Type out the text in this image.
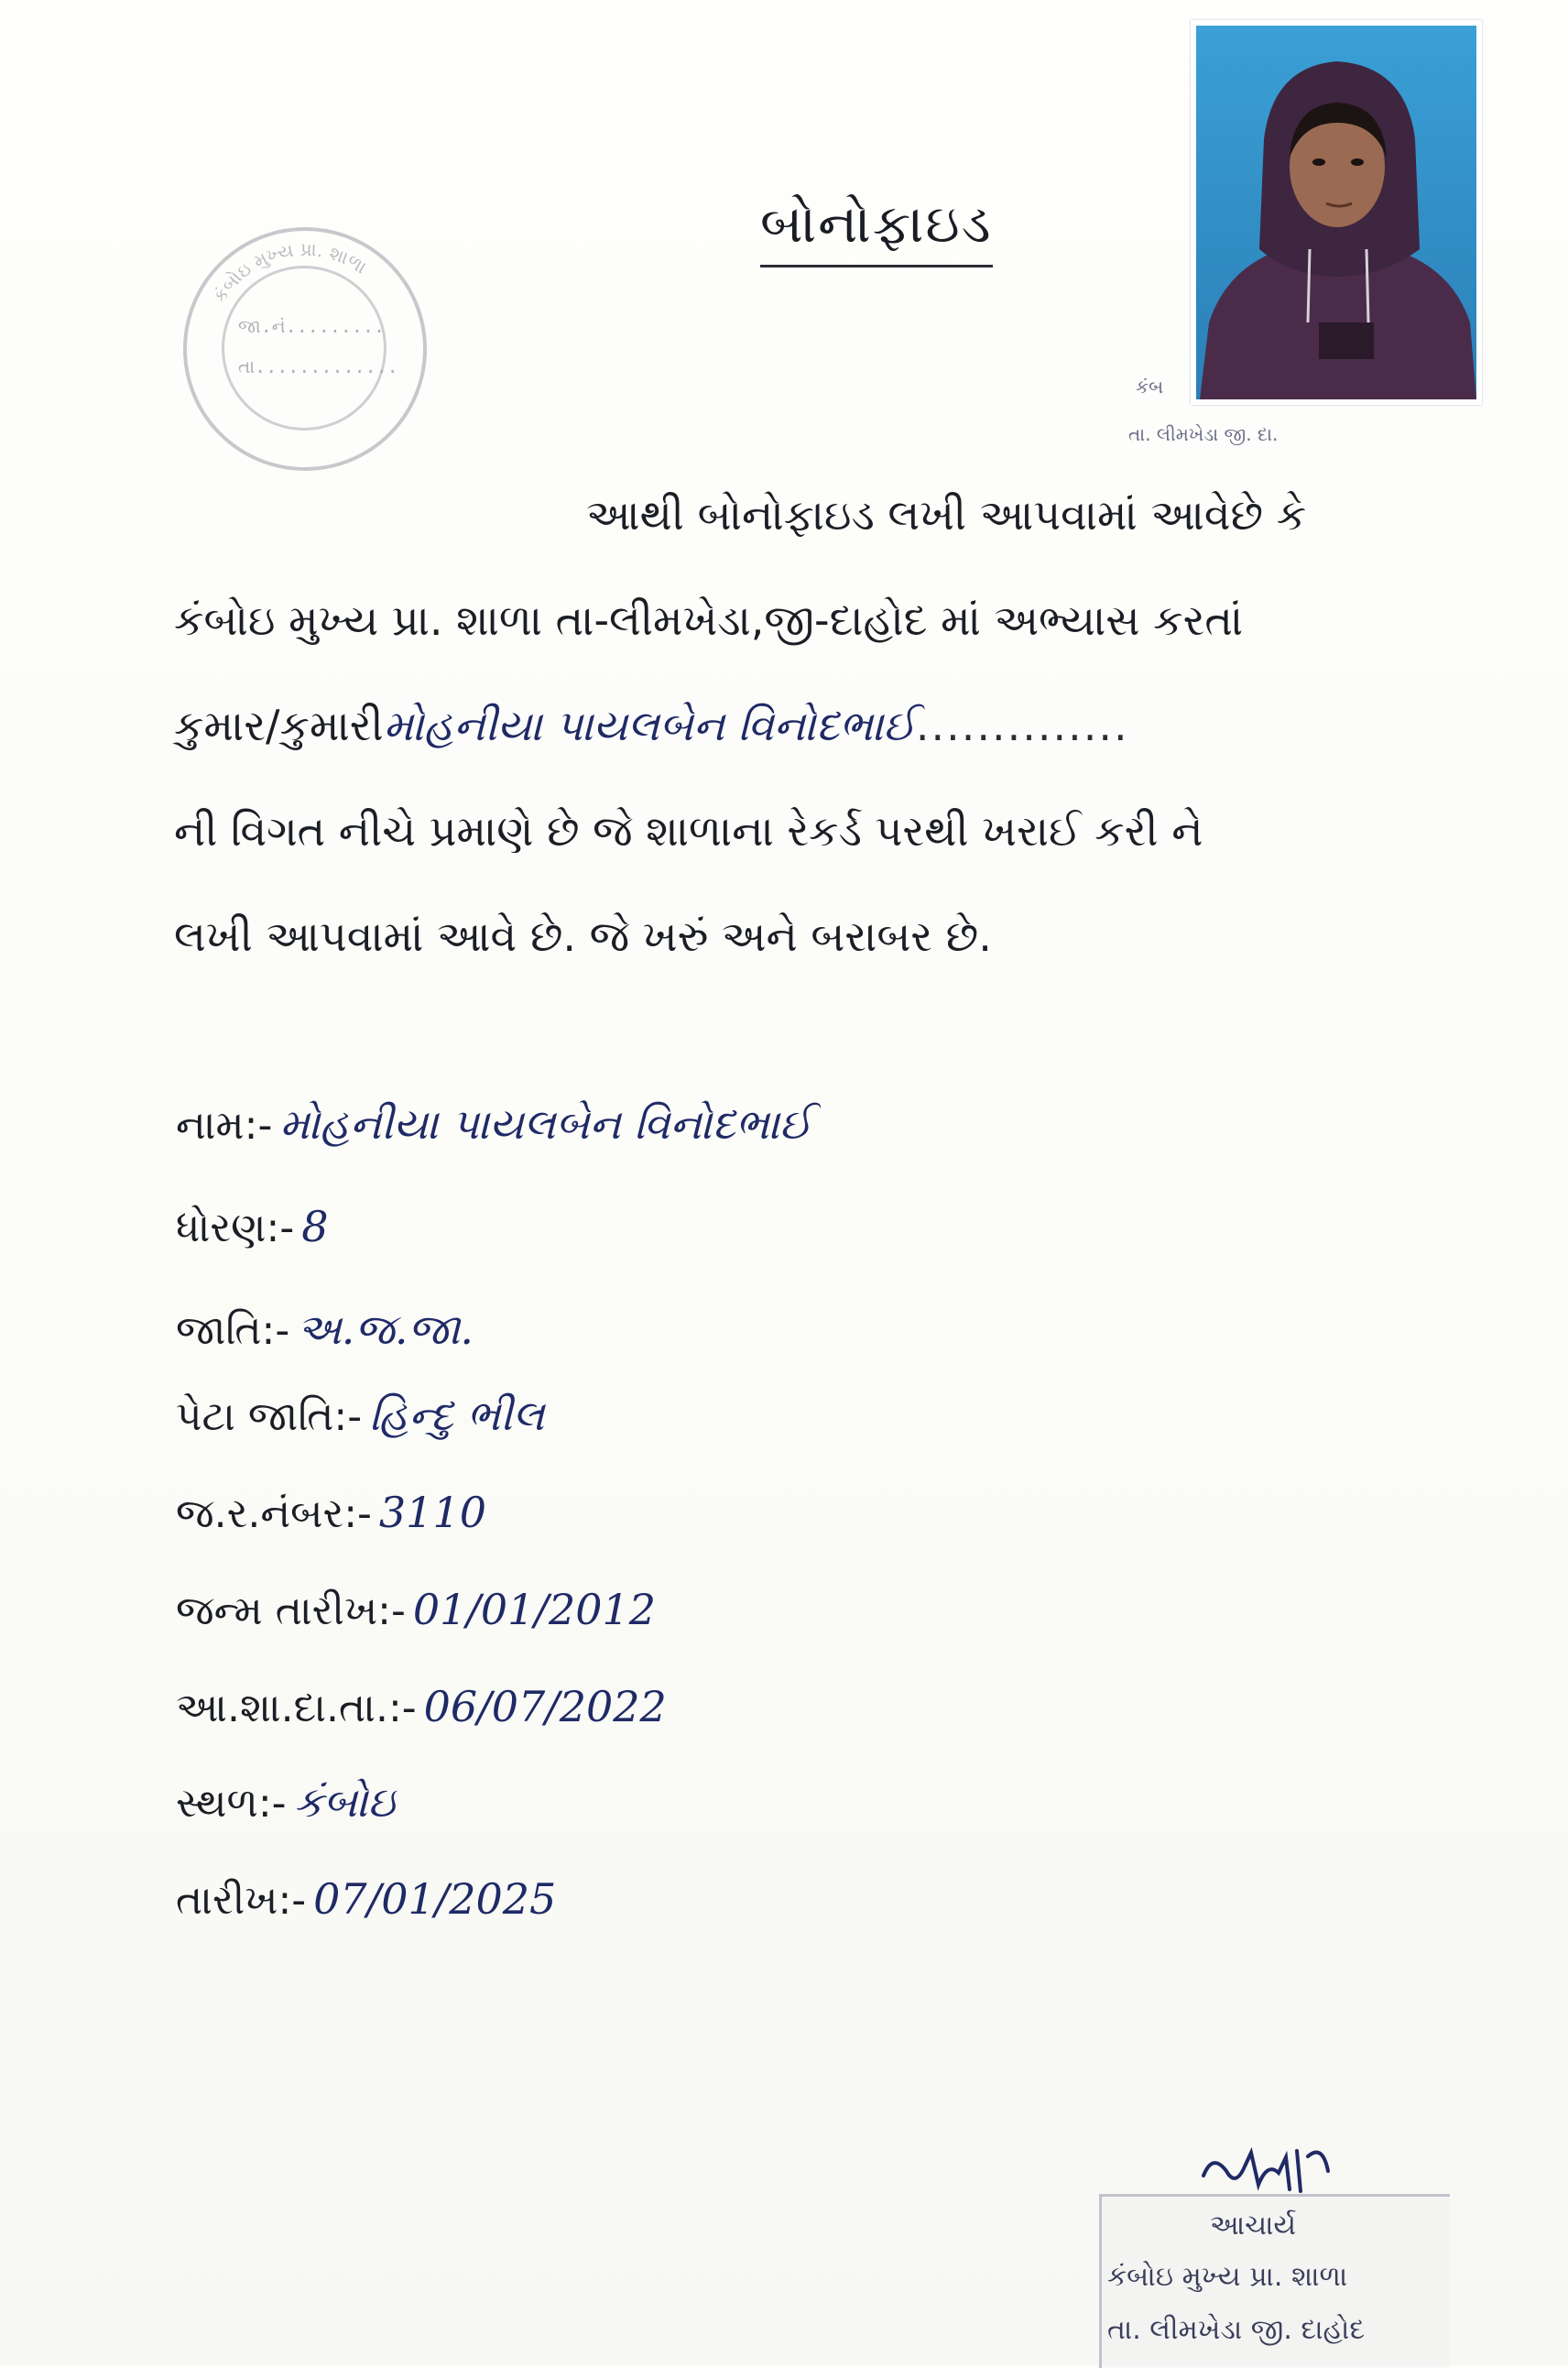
બોનોફાઇડ
કંબોઇ મુખ્ય પ્રા. શાળા
જા.નં.........
તા.............
કંબ
તા. લીમખેડા જી. દા.
આથી બોનોફાઇડ લખી આપવામાં આવેછે કે
કંબોઇ મુખ્ય પ્રા. શાળા તા-લીમખેડા,જી-દાહોદ માં અભ્યાસ કરતાં
કુમાર/કુમારીમોહનીયા પાયલબેન વિનોદભાઈ..............
ની વિગત નીચે પ્રમાણે છે જે શાળાના રેકર્ડ પરથી ખરાઈ કરી ને
લખી આપવામાં આવે છે. જે ખરું અને બરાબર છે.
નામ:- મોહનીયા પાયલબેન વિનોદભાઈ
ધોરણ:- 8
જાતિ:- અ.જ.જા.
પેટા જાતિ:- હિન્દુ ભીલ
જ.ર.નંબર:- 3110
જન્મ તારીખ:- 01/01/2012
આ.શા.દા.તા.:- 06/07/2022
સ્થળ:- કંબોઇ
તારીખ:- 07/01/2025
આચાર્ય
કંબોઇ મુખ્ય પ્રા. શાળા
તા. લીમખેડા જી. દાહોદ
